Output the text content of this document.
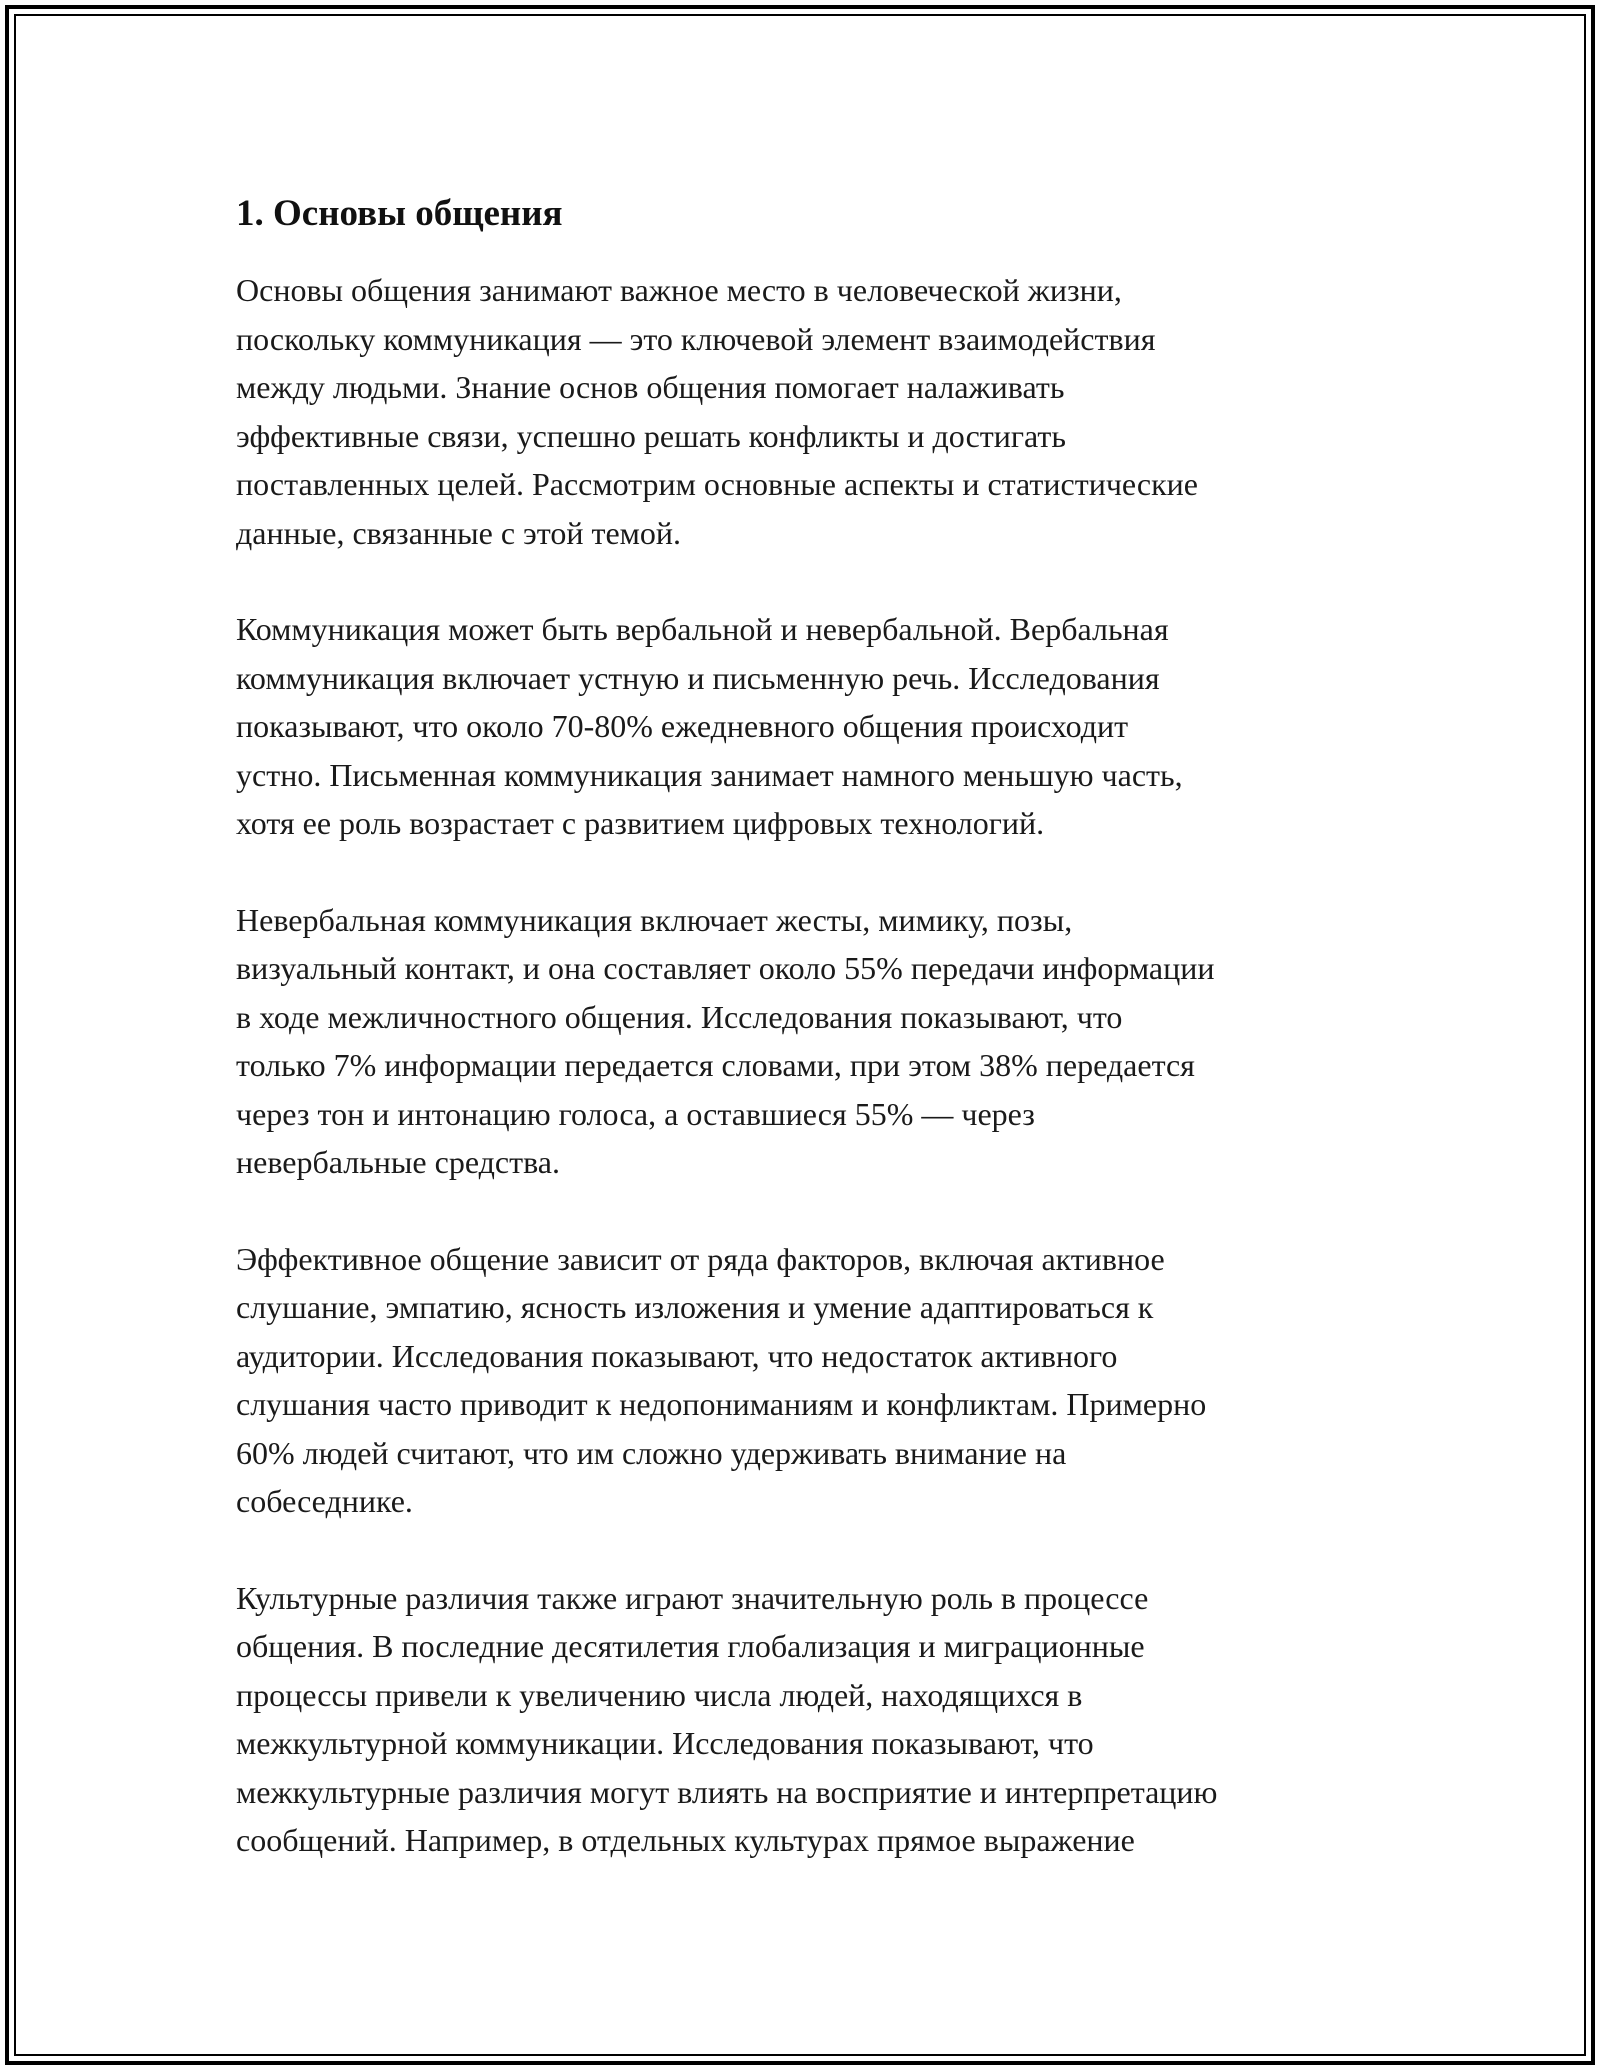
1. Основы общения

Основы общения занимают важное место в человеческой жизни,
поскольку коммуникация — это ключевой элемент взаимодействия
между людьми. Знание основ общения помогает налаживать
эффективные связи, успешно решать конфликты и достигать
поставленных целей. Рассмотрим основные аспекты и статистические
данные, связанные с этой темой.

Коммуникация может быть вербальной и невербальной. Вербальная
коммуникация включает устную и письменную речь. Исследования
показывают, что около 70-80% ежедневного общения происходит
устно. Письменная коммуникация занимает намного меньшую часть,
хотя ее роль возрастает с развитием цифровых технологий.

Невербальная коммуникация включает жесты, мимику, позы,
визуальный контакт, и она составляет около 55% передачи информации
в ходе межличностного общения. Исследования показывают, что
только 7% информации передается словами, при этом 38% передается
через тон и интонацию голоса, а оставшиеся 55% — через
невербальные средства.

Эффективное общение зависит от ряда факторов, включая активное
слушание, эмпатию, ясность изложения и умение адаптироваться к
аудитории. Исследования показывают, что недостаток активного
слушания часто приводит к недопониманиям и конфликтам. Примерно
60% людей считают, что им сложно удерживать внимание на
собеседнике.

Культурные различия также играют значительную роль в процессе
общения. В последние десятилетия глобализация и миграционные
процессы привели к увеличению числа людей, находящихся в
межкультурной коммуникации. Исследования показывают, что
межкультурные различия могут влиять на восприятие и интерпретацию
сообщений. Например, в отдельных культурах прямое выражение
